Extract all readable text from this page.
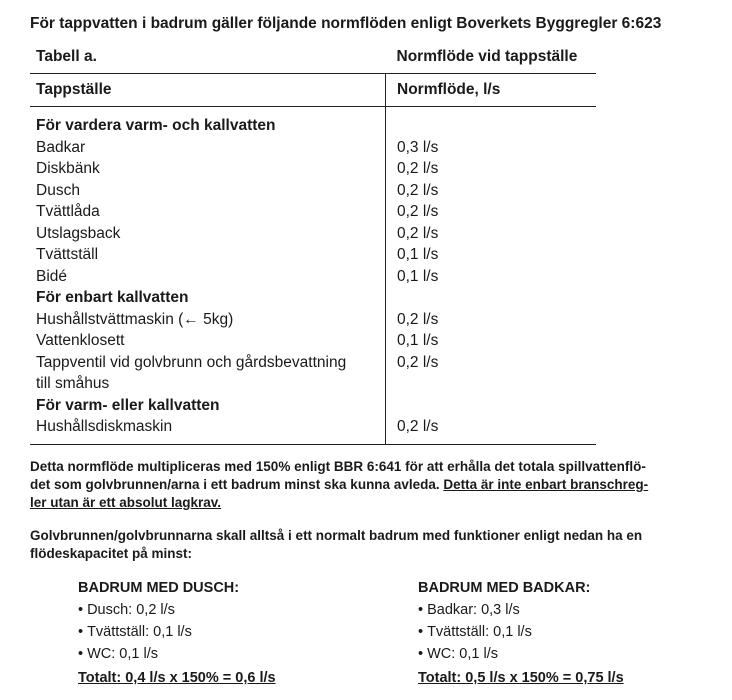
För tappvatten i badrum gäller följande normflöden enligt Boverkets Byggregler 6:623
Tabell a.	Normflöde vid tappställe
Tappställe	Normflöde, l/s
För vardera varm- och kallvatten	
Badkar	0,3 l/s
Diskbänk	0,2 l/s
Dusch	0,2 l/s
Tvättlåda	0,2 l/s
Utslagsback	0,2 l/s
Tvättställ	0,1 l/s
Bidé	0,1 l/s
För enbart kallvatten	
Hushållstvättmaskin (← 5kg)	0,2 l/s
Vattenklosett	0,1 l/s
Tappventil vid golvbrunn och gårdsbevattning	0,2 l/s
till småhus	
För varm- eller kallvatten	
Hushållsdiskmaskin	0,2 l/s

Detta normflöde multipliceras med 150% enligt BBR 6:641 för att erhålla det totala spillvattenflö-
det som golvbrunnen/arna i ett badrum minst ska kunna avleda. Detta är inte enbart branschreg-
ler utan är ett absolut lagkrav.

Golvbrunnen/golvbrunnarna skall alltså i ett normalt badrum med funktioner enligt nedan ha en
flödeskapacitet på minst:

BADRUM MED DUSCH:
• Dusch: 0,2 l/s
• Tvättställ: 0,1 l/s
• WC: 0,1 l/s
Totalt: 0,4 l/s x 150% = 0,6 l/s
BADRUM MED BADKAR:
• Badkar: 0,3 l/s
• Tvättställ: 0,1 l/s
• WC: 0,1 l/s
Totalt: 0,5 l/s x 150% = 0,75 l/s
